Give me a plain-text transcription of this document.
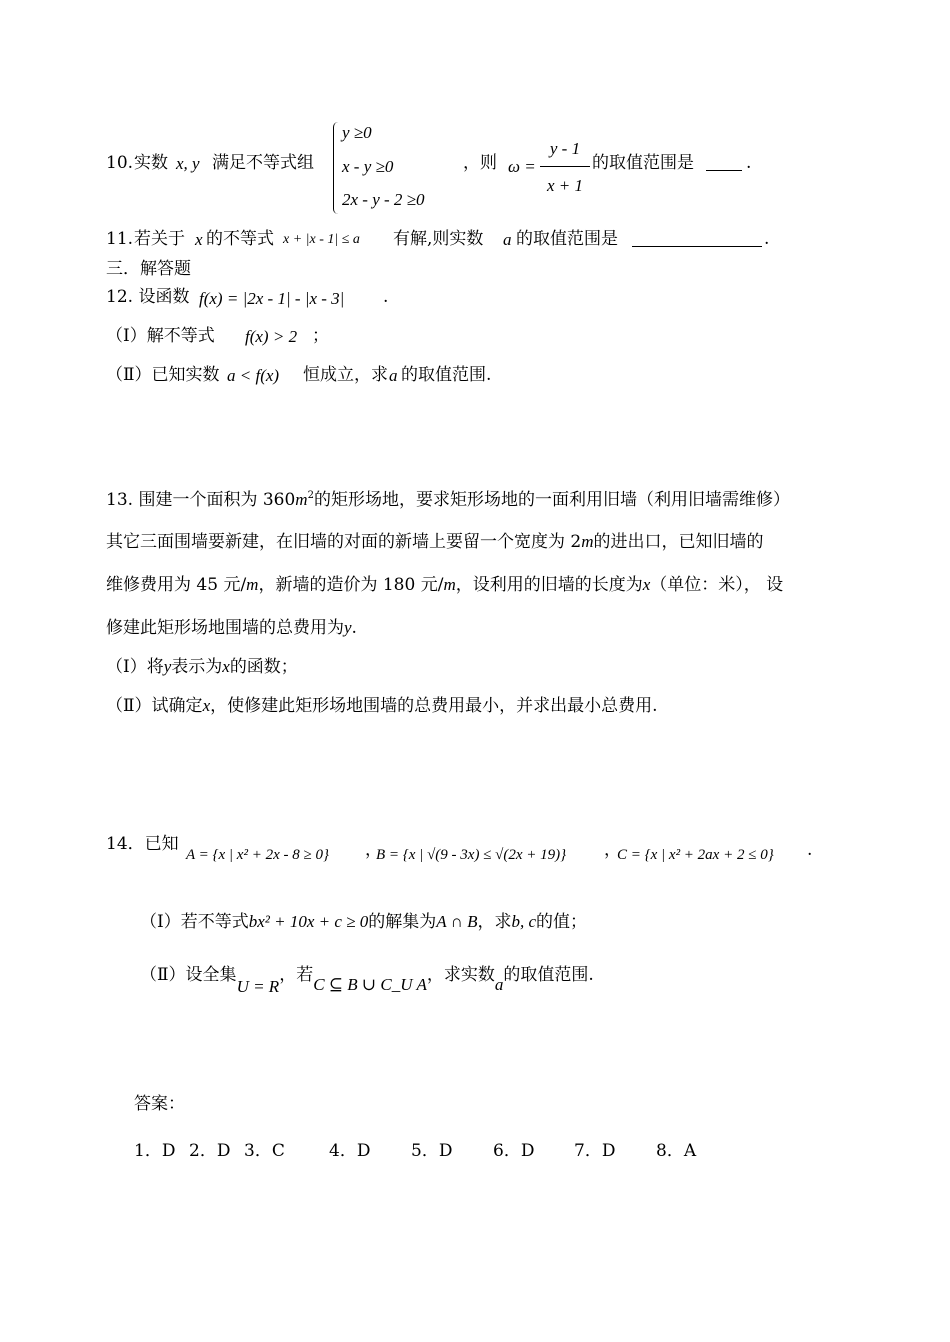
10. 实数 x, y 满足不等式组
y ≥0
x - y ≥0
2x - y - 2 ≥0
，则 ω =
y - 1
x + 1
的取值范围是	.
11. 若关于 x 的不等式 x + |x - 1| ≤ a 有解,则实数 a 的取值范围是	.
三．解答题
12. 设函数 f(x) = |2x - 1| - |x - 3| .
（Ⅰ）解不等式 f(x) > 2 ；
（Ⅱ）已知实数 a < f(x) 恒成立，求 a 的取值范围.
13. 围建一个面积为 $360m^2$的矩形场地，要求矩形场地的一面利用旧墙（利用旧墙需维修）
其它三面围墙要新建，在旧墙的对面的新墙上要留一个宽度为 2m的进出口，已知旧墙的
维修费用为 45 元/m，新墙的造价为 180 元/m，设利用的旧墙的长度为x（单位：米）， 设
修建此矩形场地围墙的总费用为y.
（Ⅰ）将y表示为x的函数；
（Ⅱ）试确定x，使修建此矩形场地围墙的总费用最小，并求出最小总费用.
14．已知
A = {x | x² + 2x - 8 ≥ 0} ，
B = {x | √(9 - 3x) ≤ √(2x + 19)} ，
C = {x | x² + 2ax + 2 ≤ 0} .
（Ⅰ）若不等式bx² + 10x + c ≥ 0的解集为A ∩ B，求b, c的值；
（Ⅱ）设全集U = R，若C ⊆ B ∪ C_U A，求实数a的取值范围.
答案：
1．D 2．D 3．C	4．D 5．D 6．D 7．D 8．A
